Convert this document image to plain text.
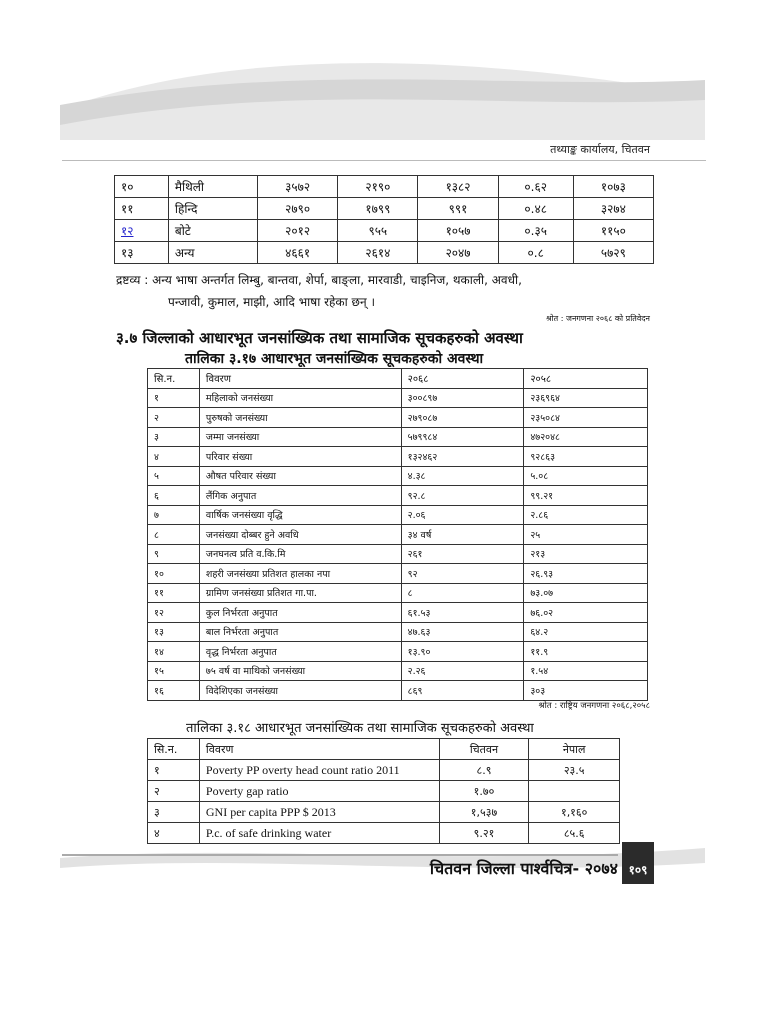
तथ्याङ्क कार्यालय, चितवन
१०	मैथिली	३५७२	२१९०	१३८२	०.६२	१०७३
११	हिन्दि	२७९०	१७९९	९९१	०.४८	३२७४
१२	बोटे	२०१२	९५५	१०५७	०.३५	११५०
१३	अन्य	४६६१	२६१४	२०४७	०.८	५७२९
द्रष्टव्य : अन्य भाषा अन्तर्गत लिम्बु, बान्तवा, शेर्पा, बाङ्ला, मारवाडी, चाइनिज, थकाली, अवधी,
पन्जावी, कुमाल, माझी, आदि भाषा रहेका छन् ।
श्रोत : जनगणना २०६८ को प्रतिवेदन
३.७ जिल्लाको आधारभूत जनसांख्यिक तथा सामाजिक सूचकहरुको अवस्था
तालिका ३.१७ आधारभूत जनसांख्यिक सूचकहरुको अवस्था
सि.न.	विवरण	२०६८	२०५८
१	महिलाको जनसंख्या	३००८९७	२३६९६४
२	पुरुषको जनसंख्या	२७९०८७	२३५०८४
३	जम्मा जनसंख्या	५७९९८४	४७२०४८
४	परिवार संख्या	१३२४६२	९२८६३
५	औषत परिवार संख्या	४.३८	५.०८
६	लैंगिक अनुपात	९२.८	९९.२१
७	वार्षिक जनसंख्या वृद्धि	२.०६	२.८६
८	जनसंख्या दोब्बर हुने अवधि	३४ वर्ष	२५
९	जनघनत्व प्रति व.कि.मि	२६१	२१३
१०	शहरी जनसंख्या प्रतिशत हालका नपा	९२	२६.९३
११	ग्रामिण जनसंख्या प्रतिशत गा.पा.	८	७३.०७
१२	कुल निर्भरता अनुपात	६१.५३	७६.०२
१३	बाल निर्भरता अनुपात	४७.६३	६४.२
१४	वृद्ध निर्भरता अनुपात	१३.९०	११.९
१५	७५ वर्ष वा माथिको जनसंख्या	२.२६	१.५४
१६	विदेशिएका जनसंख्या	८६९	३०३
श्रोत : राष्ट्रिय जनगणना २०६८,२०५८
तालिका ३.१८ आधारभूत जनसांख्यिक तथा सामाजिक सूचकहरुको अवस्था
सि.न.	विवरण	चितवन	नेपाल
१	Poverty PP overty head count ratio 2011	८.९	२३.५
२	Poverty gap ratio	१.७०	
३	GNI per capita PPP $ 2013	१,५३७	१,१६०
४	P.c. of safe drinking water	९.२१	८५.६
चितवन जिल्ला पार्श्वचित्र- २०७४ १०९
